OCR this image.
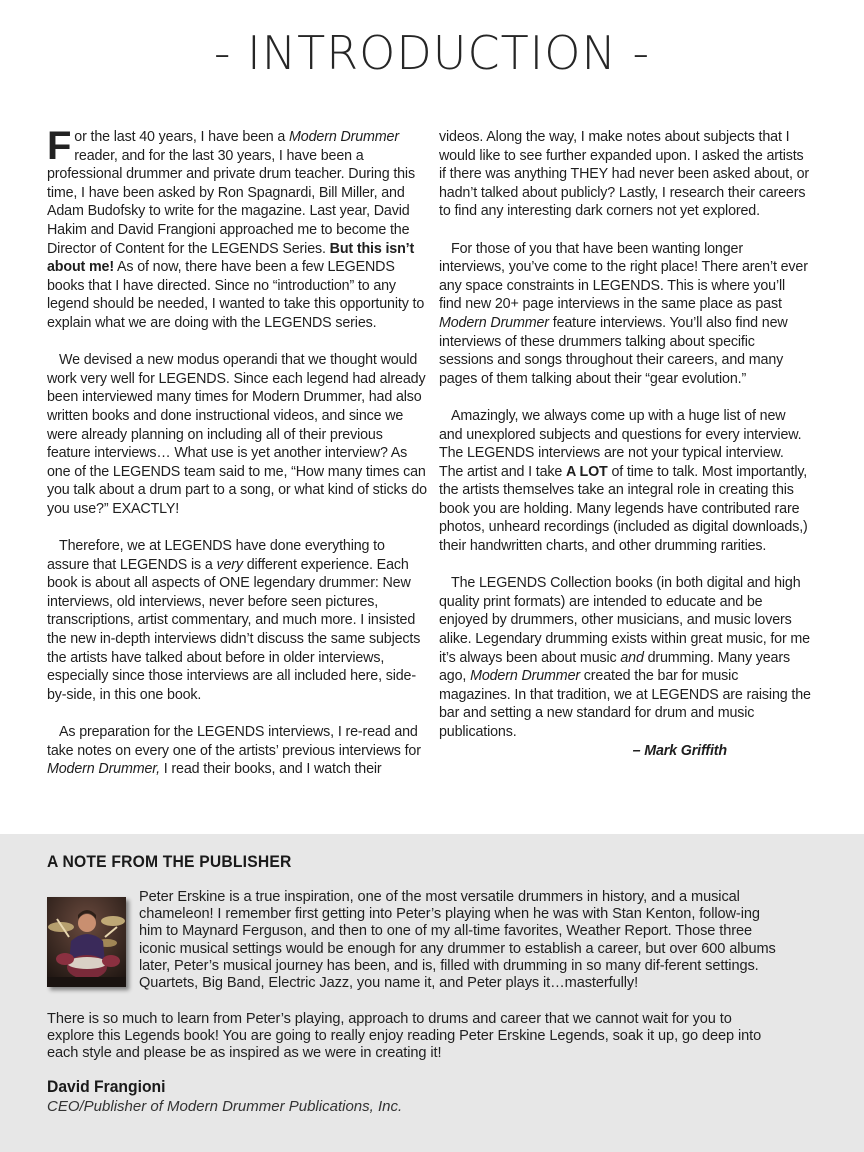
- INTRODUCTION -

For the last 40 years, I have been a Modern Drummer reader, and for the last 30 years, I have been a professional drummer and private drum teacher. During this time, I have been asked by Ron Spagnardi, Bill Miller, and Adam Budofsky to write for the magazine. Last year, David Hakim and David Frangioni approached me to become the Director of Content for the LEGENDS Series. But this isn’t about me! As of now, there have been a few LEGENDS books that I have directed. Since no “introduction” to any legend should be needed, I wanted to take this opportunity to explain what we are doing with the LEGENDS series.

We devised a new modus operandi that we thought would work very well for LEGENDS. Since each legend had already been interviewed many times for Modern Drummer, had also written books and done instructional videos, and since we were already planning on including all of their previous feature interviews… What use is yet another interview? As one of the LEGENDS team said to me, “How many times can you talk about a drum part to a song, or what kind of sticks do you use?” EXACTLY!

Therefore, we at LEGENDS have done everything to assure that LEGENDS is a very different experience. Each book is about all aspects of ONE legendary drummer: New interviews, old interviews, never before seen pictures, transcriptions, artist commentary, and much more. I insisted the new in-depth interviews didn’t discuss the same subjects the artists have talked about before in older interviews, especially since those interviews are all included here, side-by-side, in this one book.

As preparation for the LEGENDS interviews, I re-read and take notes on every one of the artists’ previous interviews for Modern Drummer, I read their books, and I watch their

videos. Along the way, I make notes about subjects that I would like to see further expanded upon. I asked the artists if there was anything THEY had never been asked about, or hadn’t talked about publicly? Lastly, I research their careers to find any interesting dark corners not yet explored.

For those of you that have been wanting longer interviews, you’ve come to the right place! There aren’t ever any space constraints in LEGENDS. This is where you’ll find new 20+ page interviews in the same place as past Modern Drummer feature interviews. You’ll also find new interviews of these drummers talking about specific sessions and songs throughout their careers, and many pages of them talking about their “gear evolution.”

Amazingly, we always come up with a huge list of new and unexplored subjects and questions for every interview. The LEGENDS interviews are not your typical interview. The artist and I take A LOT of time to talk. Most importantly, the artists themselves take an integral role in creating this book you are holding. Many legends have contributed rare photos, unheard recordings (included as digital downloads,) their handwritten charts, and other drumming rarities.

The LEGENDS Collection books (in both digital and high quality print formats) are intended to educate and be enjoyed by drummers, other musicians, and music lovers alike. Legendary drumming exists within great music, for me it’s always been about music and drumming. Many years ago, Modern Drummer created the bar for music magazines. In that tradition, we at LEGENDS are raising the bar and setting a new standard for drum and music publications.

– Mark Griffith

A NOTE FROM THE PUBLISHER

Peter Erskine is a true inspiration, one of the most versatile drummers in history, and a musical chameleon! I remember first getting into Peter’s playing when he was with Stan Kenton, follow-ing him to Maynard Ferguson, and then to one of my all-time favorites, Weather Report. Those three iconic musical settings would be enough for any drummer to establish a career, but over 600 albums later, Peter’s musical journey has been, and is, filled with drumming in so many dif-ferent settings. Quartets, Big Band, Electric Jazz, you name it, and Peter plays it…masterfully!

There is so much to learn from Peter’s playing, approach to drums and career that we cannot wait for you to explore this Legends book! You are going to really enjoy reading Peter Erskine Legends, soak it up, go deep into each style and please be as inspired as we were in creating it!

David Frangioni
CEO/Publisher of Modern Drummer Publications, Inc.
